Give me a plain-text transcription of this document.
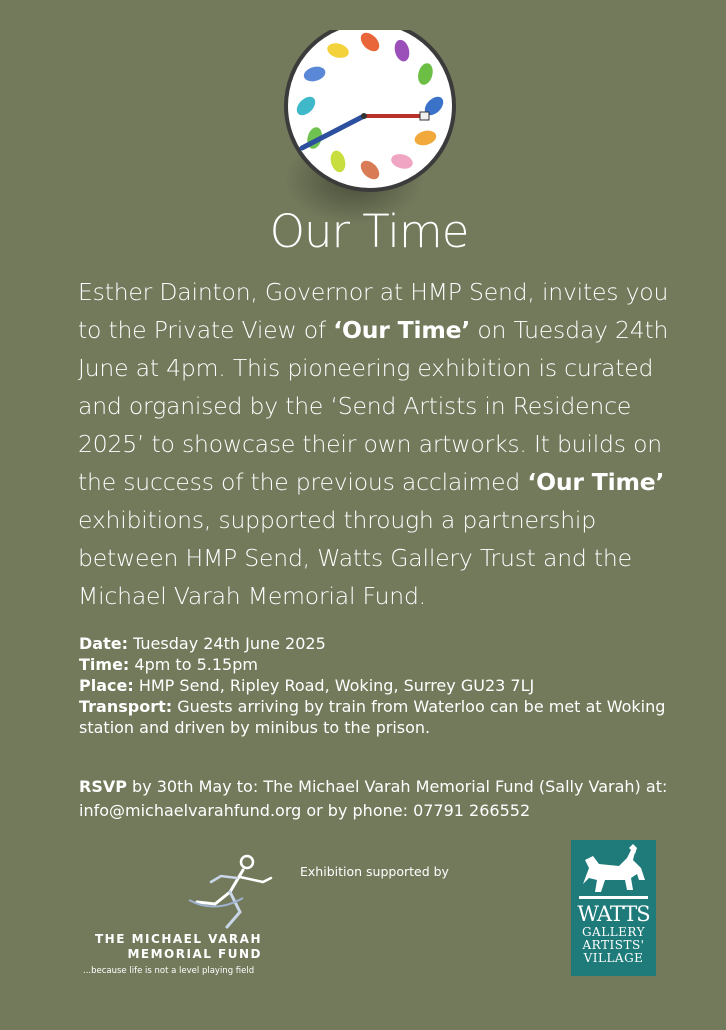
Our Time
Esther Dainton, Governor at HMP Send, invites you to the Private View of ‘Our Time’ on Tuesday 24th June at 4pm. This pioneering exhibition is curated and organised by the ‘Send Artists in Residence 2025’ to showcase their own artworks. It builds on the success of the previous acclaimed ‘Our Time’ exhibitions, supported through a partnership between HMP Send, Watts Gallery Trust and the Michael Varah Memorial Fund.
Date: Tuesday 24th June 2025
Time: 4pm to 5.15pm
Place: HMP Send, Ripley Road, Woking, Surrey GU23 7LJ
Transport: Guests arriving by train from Waterloo can be met at Woking station and driven by minibus to the prison.
RSVP by 30th May to: The Michael Varah Memorial Fund (Sally Varah) at: info@michaelvarahfund.org or by phone: 07791 266552
Exhibition supported by
THE MICHAEL VARAH
MEMORIAL FUND
...because life is not a level playing field
WATTS
GALLERY
ARTISTS'
VILLAGE
